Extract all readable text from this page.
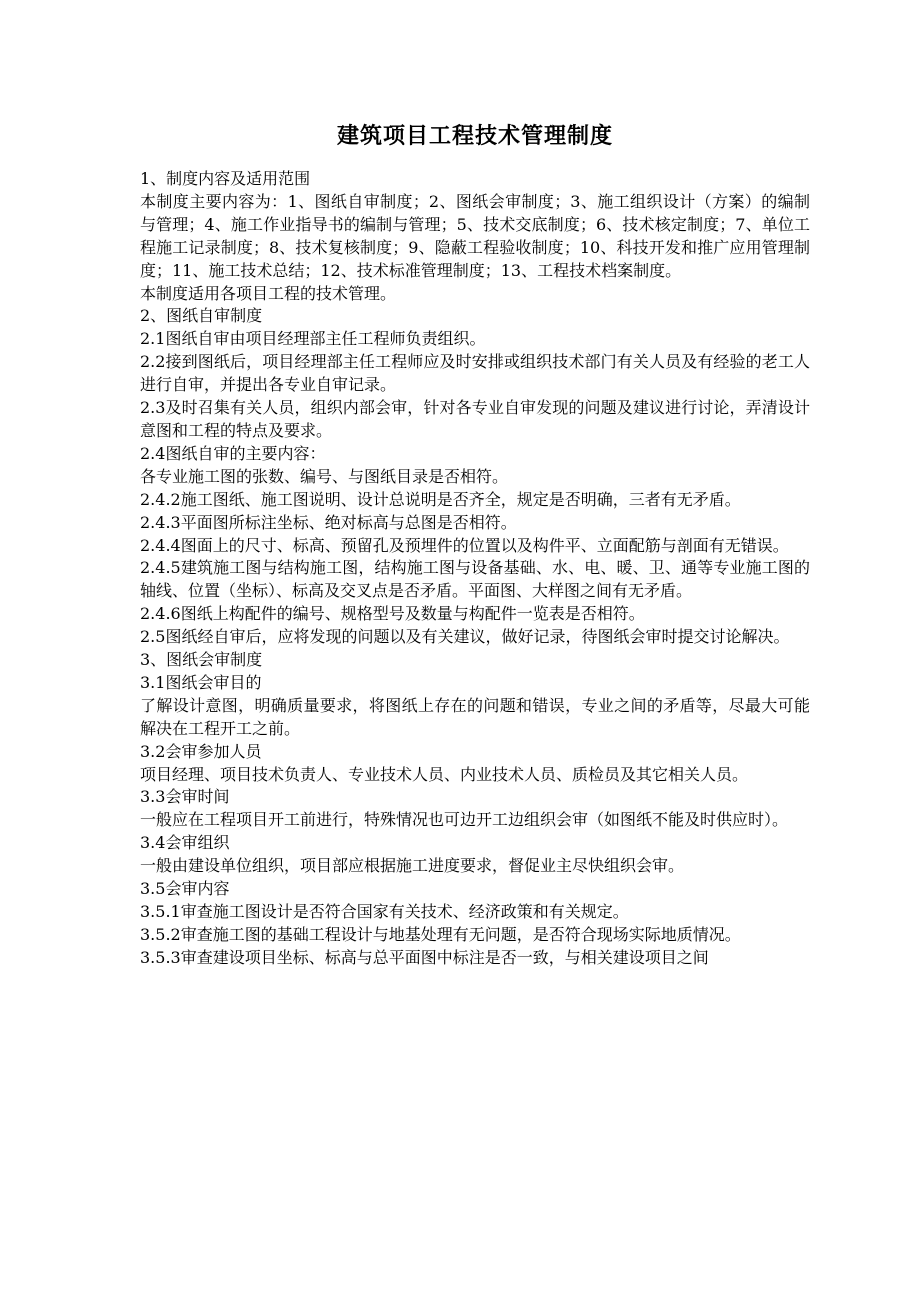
建筑项目工程技术管理制度

1、制度内容及适用范围

本制度主要内容为：1、图纸自审制度；2、图纸会审制度；3、施工组织设计（方案）的编制与管理；4、施工作业指导书的编制与管理；5、技术交底制度；6、技术核定制度；7、单位工程施工记录制度；8、技术复核制度；9、隐蔽工程验收制度；10、科技开发和推广应用管理制度；11、施工技术总结；12、技术标准管理制度；13、工程技术档案制度。

本制度适用各项目工程的技术管理。

2、图纸自审制度

2.1图纸自审由项目经理部主任工程师负责组织。

2.2接到图纸后，项目经理部主任工程师应及时安排或组织技术部门有关人员及有经验的老工人进行自审，并提出各专业自审记录。

2.3及时召集有关人员，组织内部会审，针对各专业自审发现的问题及建议进行讨论，弄清设计意图和工程的特点及要求。

2.4图纸自审的主要内容：

各专业施工图的张数、编号、与图纸目录是否相符。

2.4.2施工图纸、施工图说明、设计总说明是否齐全，规定是否明确，三者有无矛盾。

2.4.3平面图所标注坐标、绝对标高与总图是否相符。

2.4.4图面上的尺寸、标高、预留孔及预埋件的位置以及构件平、立面配筋与剖面有无错误。

2.4.5建筑施工图与结构施工图，结构施工图与设备基础、水、电、暖、卫、通等专业施工图的轴线、位置（坐标）、标高及交叉点是否矛盾。平面图、大样图之间有无矛盾。

2.4.6图纸上构配件的编号、规格型号及数量与构配件一览表是否相符。

2.5图纸经自审后，应将发现的问题以及有关建议，做好记录，待图纸会审时提交讨论解决。

3、图纸会审制度

3.1图纸会审目的

了解设计意图，明确质量要求，将图纸上存在的问题和错误，专业之间的矛盾等，尽最大可能解决在工程开工之前。

3.2会审参加人员

项目经理、项目技术负责人、专业技术人员、内业技术人员、质检员及其它相关人员。

3.3会审时间

一般应在工程项目开工前进行，特殊情况也可边开工边组织会审（如图纸不能及时供应时）。

3.4会审组织

一般由建设单位组织，项目部应根据施工进度要求，督促业主尽快组织会审。

3.5会审内容

3.5.1审查施工图设计是否符合国家有关技术、经济政策和有关规定。

3.5.2审查施工图的基础工程设计与地基处理有无问题，是否符合现场实际地质情况。

3.5.3审查建设项目坐标、标高与总平面图中标注是否一致，与相关建设项目之间
